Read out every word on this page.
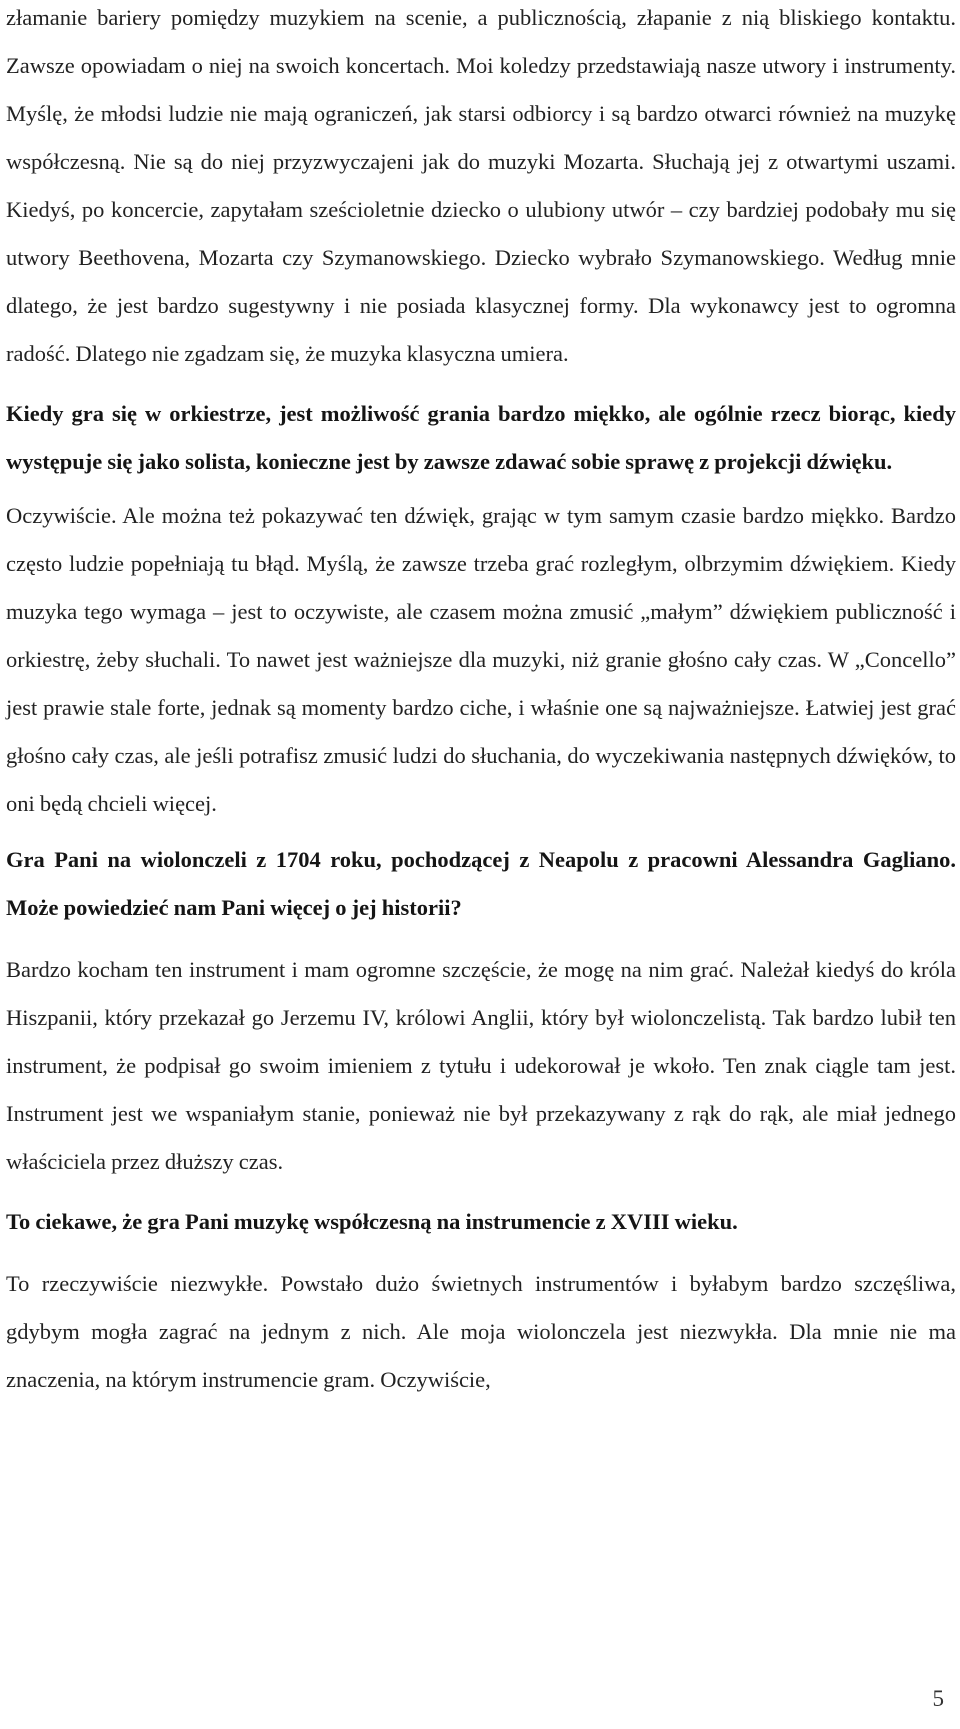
złamanie bariery pomiędzy muzykiem na scenie, a publicznością, złapanie z nią bliskiego kontaktu. Zawsze opowiadam o niej na swoich koncertach. Moi koledzy przedstawiają nasze utwory i instrumenty. Myślę, że młodsi ludzie nie mają ograniczeń, jak starsi odbiorcy i są bardzo otwarci również na muzykę współczesną. Nie są do niej przyzwyczajeni jak do muzyki Mozarta. Słuchają jej z otwartymi uszami. Kiedyś, po koncercie, zapytałam sześcioletnie dziecko o ulubiony utwór – czy bardziej podobały mu się utwory Beethovena, Mozarta czy Szymanowskiego. Dziecko wybrało Szymanowskiego. Według mnie dlatego, że jest bardzo sugestywny i nie posiada klasycznej formy. Dla wykonawcy jest to ogromna radość. Dlatego nie zgadzam się, że muzyka klasyczna umiera.

Kiedy gra się w orkiestrze, jest możliwość grania bardzo miękko, ale ogólnie rzecz biorąc, kiedy występuje się jako solista, konieczne jest by zawsze zdawać sobie sprawę z projekcji dźwięku.

Oczywiście. Ale można też pokazywać ten dźwięk, grając w tym samym czasie bardzo miękko. Bardzo często ludzie popełniają tu błąd. Myślą, że zawsze trzeba grać rozległym, olbrzymim dźwiękiem. Kiedy muzyka tego wymaga – jest to oczywiste, ale czasem można zmusić „małym” dźwiękiem publiczność i orkiestrę, żeby słuchali. To nawet jest ważniejsze dla muzyki, niż granie głośno cały czas. W „Concello” jest prawie stale forte, jednak są momenty bardzo ciche, i właśnie one są najważniejsze. Łatwiej jest grać głośno cały czas, ale jeśli potrafisz zmusić ludzi do słuchania, do wyczekiwania następnych dźwięków, to oni będą chcieli więcej.

Gra Pani na wiolonczeli z 1704 roku, pochodzącej z Neapolu z pracowni Alessandra Gagliano. Może powiedzieć nam Pani więcej o jej historii?

Bardzo kocham ten instrument i mam ogromne szczęście, że mogę na nim grać. Należał kiedyś do króla Hiszpanii, który przekazał go Jerzemu IV, królowi Anglii, który był wiolonczelistą. Tak bardzo lubił ten instrument, że podpisał go swoim imieniem z tytułu i udekorował je wkoło. Ten znak ciągle tam jest. Instrument jest we wspaniałym stanie, ponieważ nie był przekazywany z rąk do rąk, ale miał jednego właściciela przez dłuższy czas.

To ciekawe, że gra Pani muzykę współczesną na instrumencie z XVIII wieku.

To rzeczywiście niezwykłe. Powstało dużo świetnych instrumentów i byłabym bardzo szczęśliwa, gdybym mogła zagrać na jednym z nich. Ale moja wiolonczela jest niezwykła. Dla mnie nie ma znaczenia, na którym instrumencie gram. Oczywiście,

5
